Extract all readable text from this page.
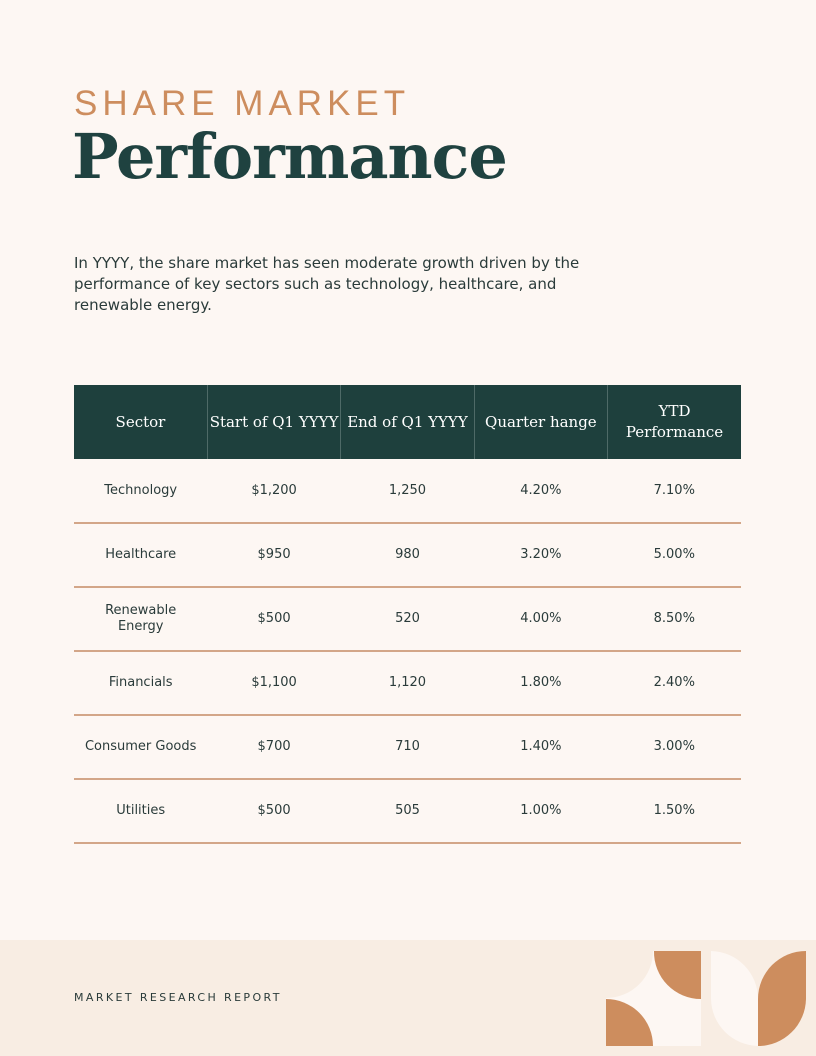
SHARE MARKET
Performance

In YYYY, the share market has seen moderate growth driven by the performance of key sectors such as technology, healthcare, and renewable energy.

Sector	Start of Q1 YYYY	End of Q1 YYYY	Quarter hange	YTD Performance
Technology	$1,200	1,250	4.20%	7.10%
Healthcare	$950	980	3.20%	5.00%
Renewable Energy	$500	520	4.00%	8.50%
Financials	$1,100	1,120	1.80%	2.40%
Consumer Goods	$700	710	1.40%	3.00%
Utilities	$500	505	1.00%	1.50%
MARKET RESEARCH REPORT
